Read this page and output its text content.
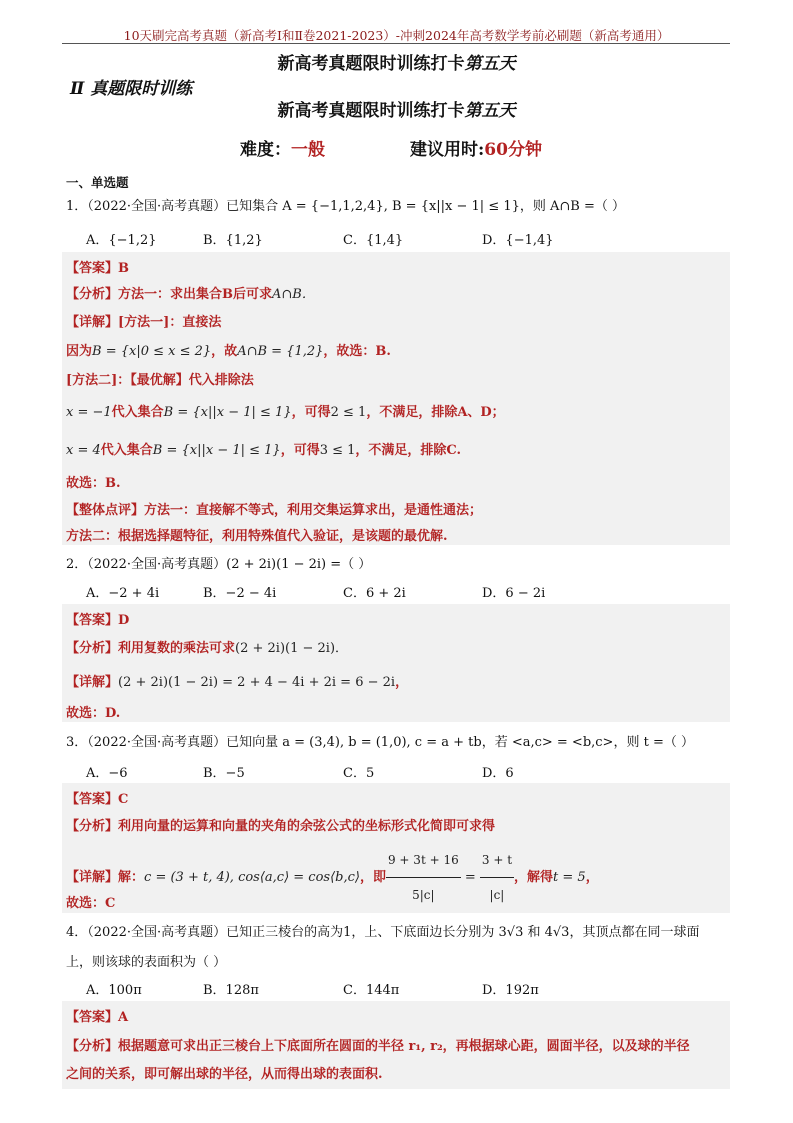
10天刷完高考真题（新高考Ⅰ和Ⅱ卷2021-2023）-冲刺2024年高考数学考前必刷题（新高考通用）
新高考真题限时训练打卡第五天
Ⅱ 真题限时训练
新高考真题限时训练打卡第五天
难度：一般	建议用时:60分钟
一、单选题
1．（2022·全国·高考真题）已知集合 A = {−1,1,2,4}, B = {x||x − 1| ≤ 1}，则 A∩B =（ ）
A．{−1,2}	B．{1,2}	C．{1,4}	D．{−1,4}
【答案】B
【分析】方法一：求出集合B后可求A∩B．
【详解】[方法一]：直接法
因为B = {x|0 ≤ x ≤ 2}，故A∩B = {1,2}，故选：B.
[方法二]：【最优解】代入排除法
x = −1代入集合B = {x||x − 1| ≤ 1}，可得2 ≤ 1，不满足，排除A、D；
x = 4代入集合B = {x||x − 1| ≤ 1}，可得3 ≤ 1，不满足，排除C.
故选：B.
【整体点评】方法一：直接解不等式，利用交集运算求出，是通性通法；
方法二：根据选择题特征，利用特殊值代入验证，是该题的最优解.
2．（2022·全国·高考真题）(2 + 2i)(1 − 2i) =（ ）
A．−2 + 4i	B．−2 − 4i	C．6 + 2i	D．6 − 2i
【答案】D
【分析】利用复数的乘法可求(2 + 2i)(1 − 2i)．
【详解】(2 + 2i)(1 − 2i) = 2 + 4 − 4i + 2i = 6 − 2i，
故选：D.
3．（2022·全国·高考真题）已知向量 a = (3,4), b = (1,0), c = a + tb，若 <a,c> = <b,c>，则 t =（ ）
A．−6	B．−5	C．5	D．6
【答案】C
【分析】利用向量的运算和向量的夹角的余弦公式的坐标形式化简即可求得
【详解】解：c = (3 + t, 4), cos⟨a,c⟩ = cos⟨b,c⟩，即 $\frac{9 + 3t + 16}{5|c|} = \frac{3 + t}{|c|}$ ，解得t = 5，
故选：C
4．（2022·全国·高考真题）已知正三棱台的高为1，上、下底面边长分别为 3√3 和 4√3，其顶点都在同一球面
上，则该球的表面积为（ ）
A．100π	B．128π	C．144π	D．192π
【答案】A
【分析】根据题意可求出正三棱台上下底面所在圆面的半径 r₁, r₂，再根据球心距，圆面半径，以及球的半径
之间的关系，即可解出球的半径，从而得出球的表面积.
